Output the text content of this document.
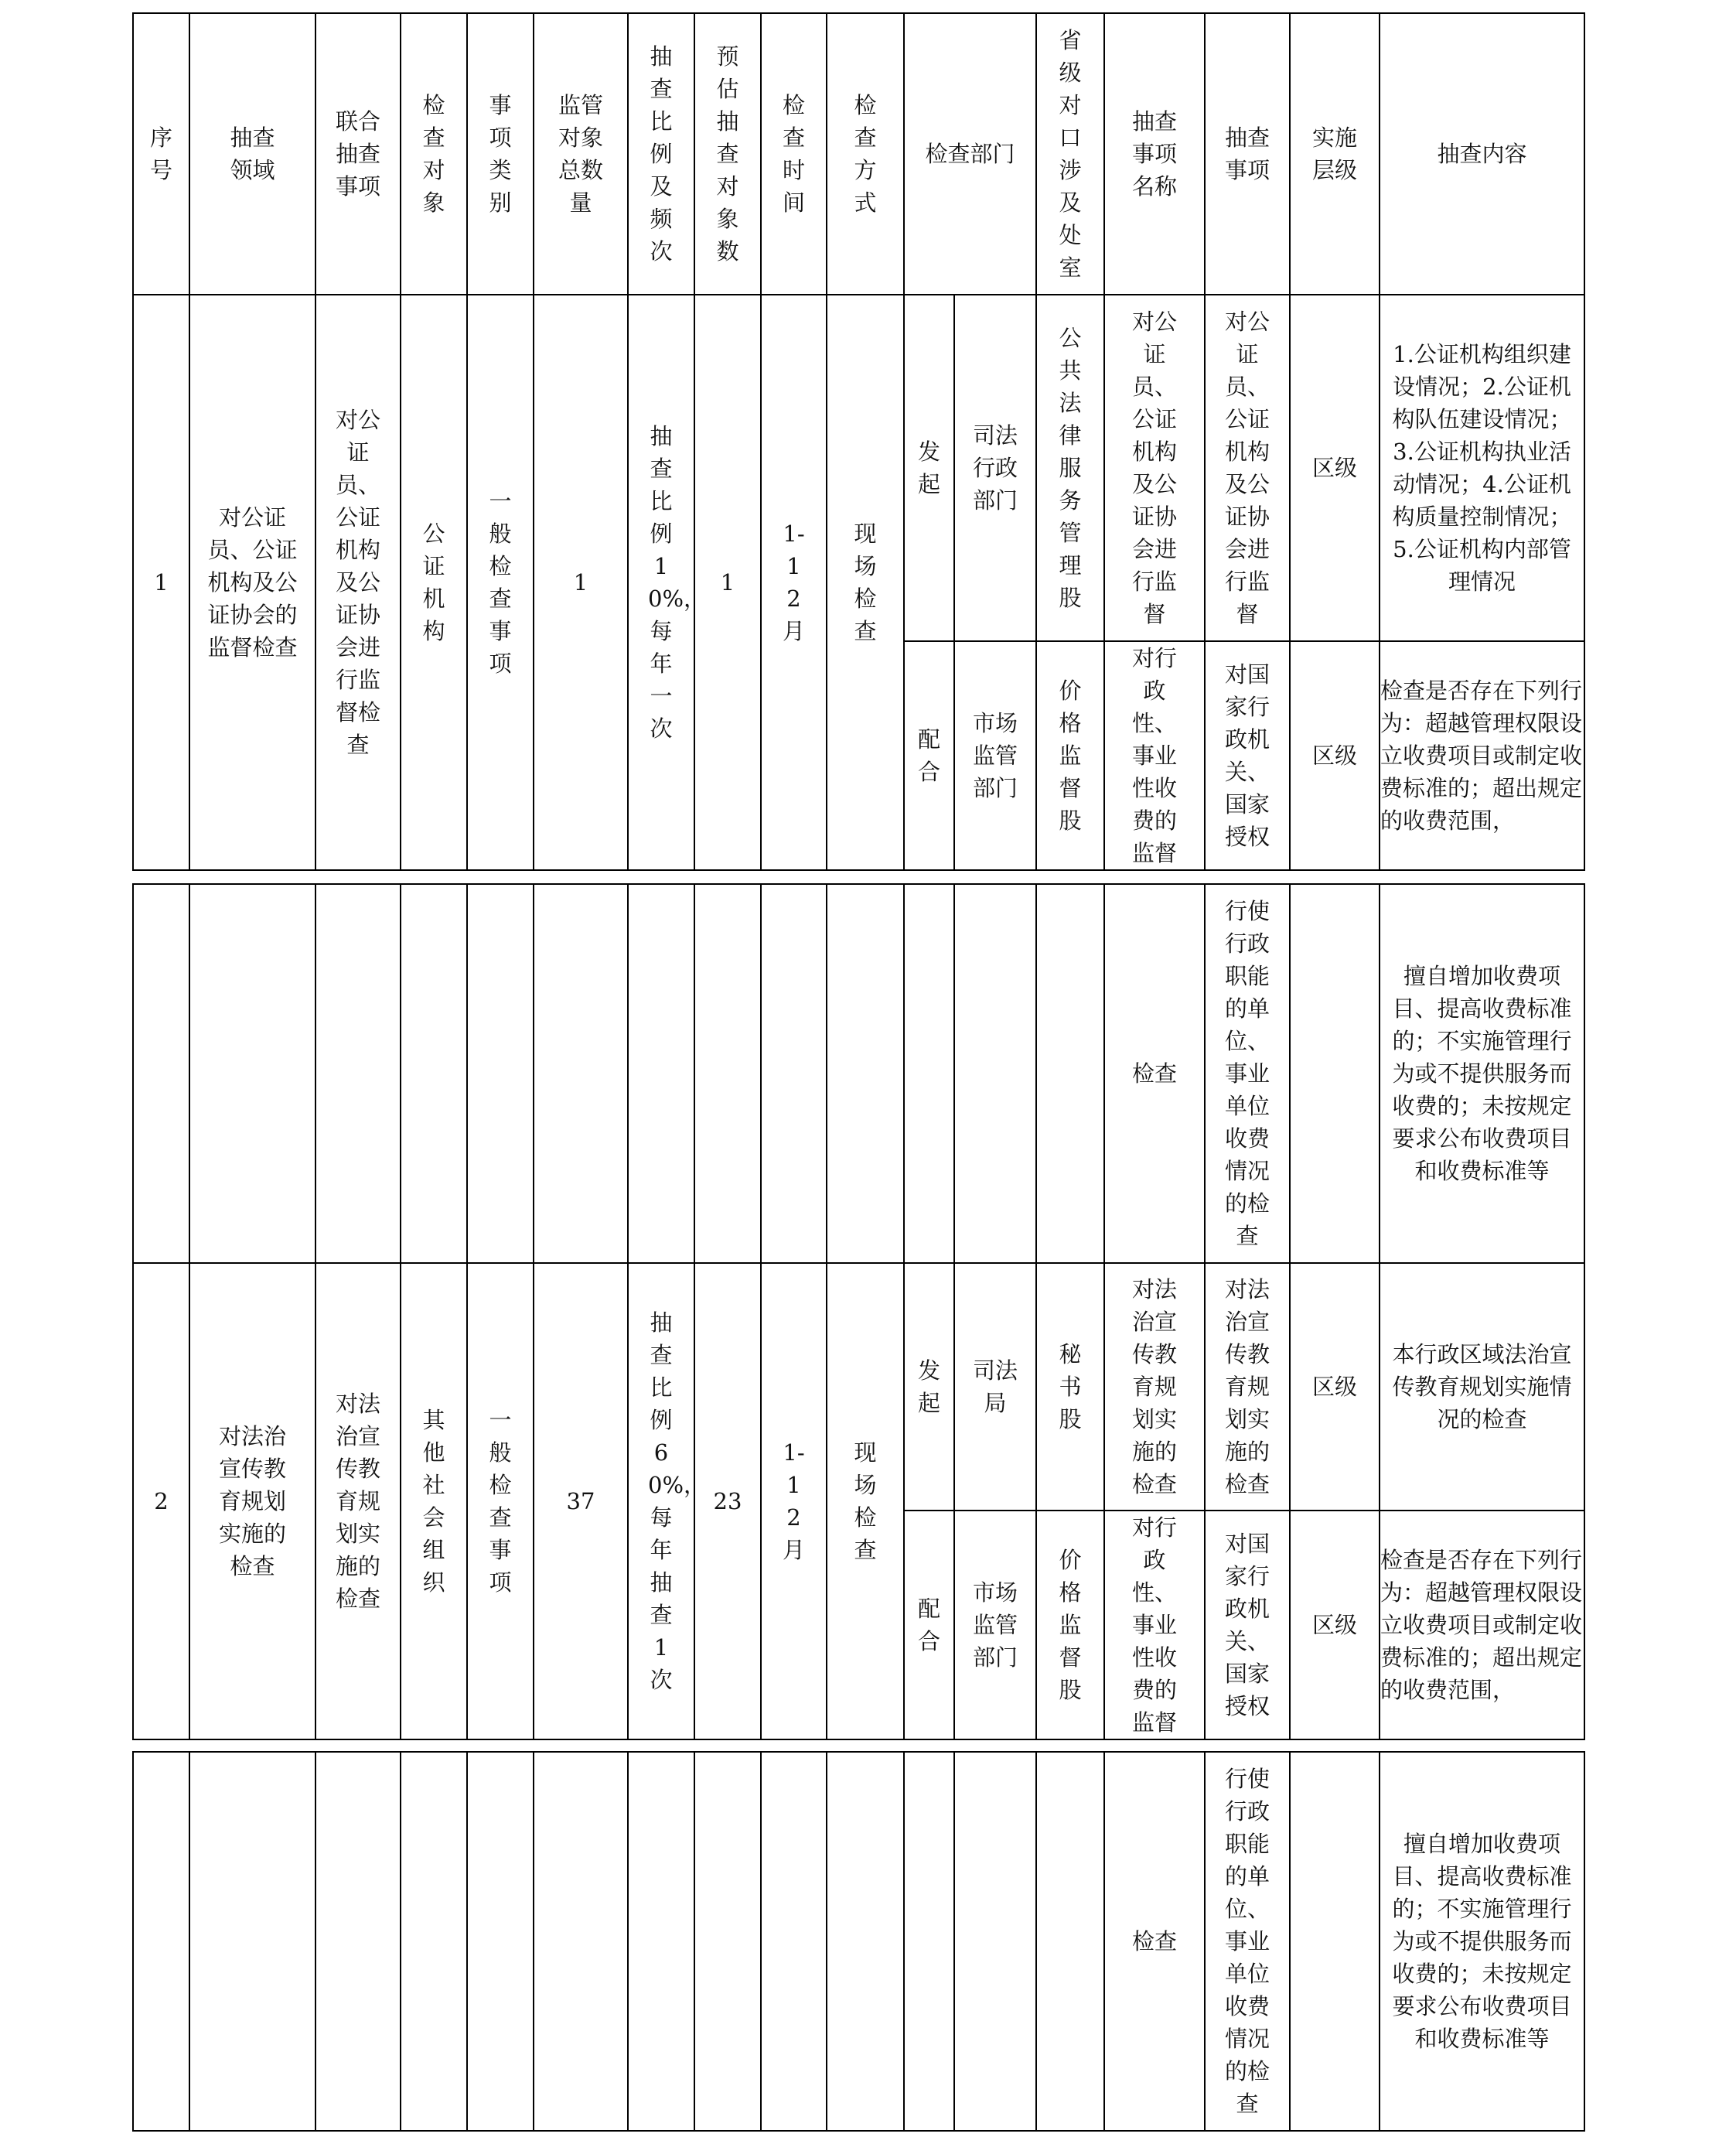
序号	抽查领域	联合抽查事项	检查对象	事项类别	监管对象总数量	抽查比例及频次	预估抽查对象数	检查时间	检查方式	检查部门		省级对口涉及处室	抽查事项名称	抽查事项	实施层级	抽查内容
1	对公证员、公证机构及公证协会的监督检查	对公证员、公证机构及公证协会进行监督检查	公证机构	一般检查事项	1	抽查比例10%，每年一次	1	1-12月	现场检查	发起	司法行政部门	公共法律服务管理股	对公证员、公证机构及公证协会进行监督	对公证员、公证机构及公证协会进行监督	区级	1.公证机构组织建设情况；2.公证机构队伍建设情况；3.公证机构执业活动情况；4.公证机构质量控制情况；5.公证机构内部管理情况
										配合	市场监管部门	价格监督股	对行政性、事业性收费的监督	对国家行政机关、国家授权	区级	检查是否存在下列行为：超越管理权限设立收费项目或制定收费标准的；超出规定的收费范围，
													检查	行使行政职能的单位、事业单位收费情况的检查		擅自增加收费项目、提高收费标准的；不实施管理行为或不提供服务而收费的；未按规定要求公布收费项目和收费标准等
2	对法治宣传教育规划实施的检查	对法治宣传教育规划实施的检查	其他社会组织	一般检查事项	37	抽查比例60%，每年抽查1次	23	1-12月	现场检查	发起	司法局	秘书股	对法治宣传教育规划实施的检查	对法治宣传教育规划实施的检查	区级	本行政区域法治宣传教育规划实施情况的检查
										配合	市场监管部门	价格监督股	对行政性、事业性收费的监督	对国家行政机关、国家授权	区级	检查是否存在下列行为：超越管理权限设立收费项目或制定收费标准的；超出规定的收费范围，
													检查	行使行政职能的单位、事业单位收费情况的检查		擅自增加收费项目、提高收费标准的；不实施管理行为或不提供服务而收费的；未按规定要求公布收费项目和收费标准等
